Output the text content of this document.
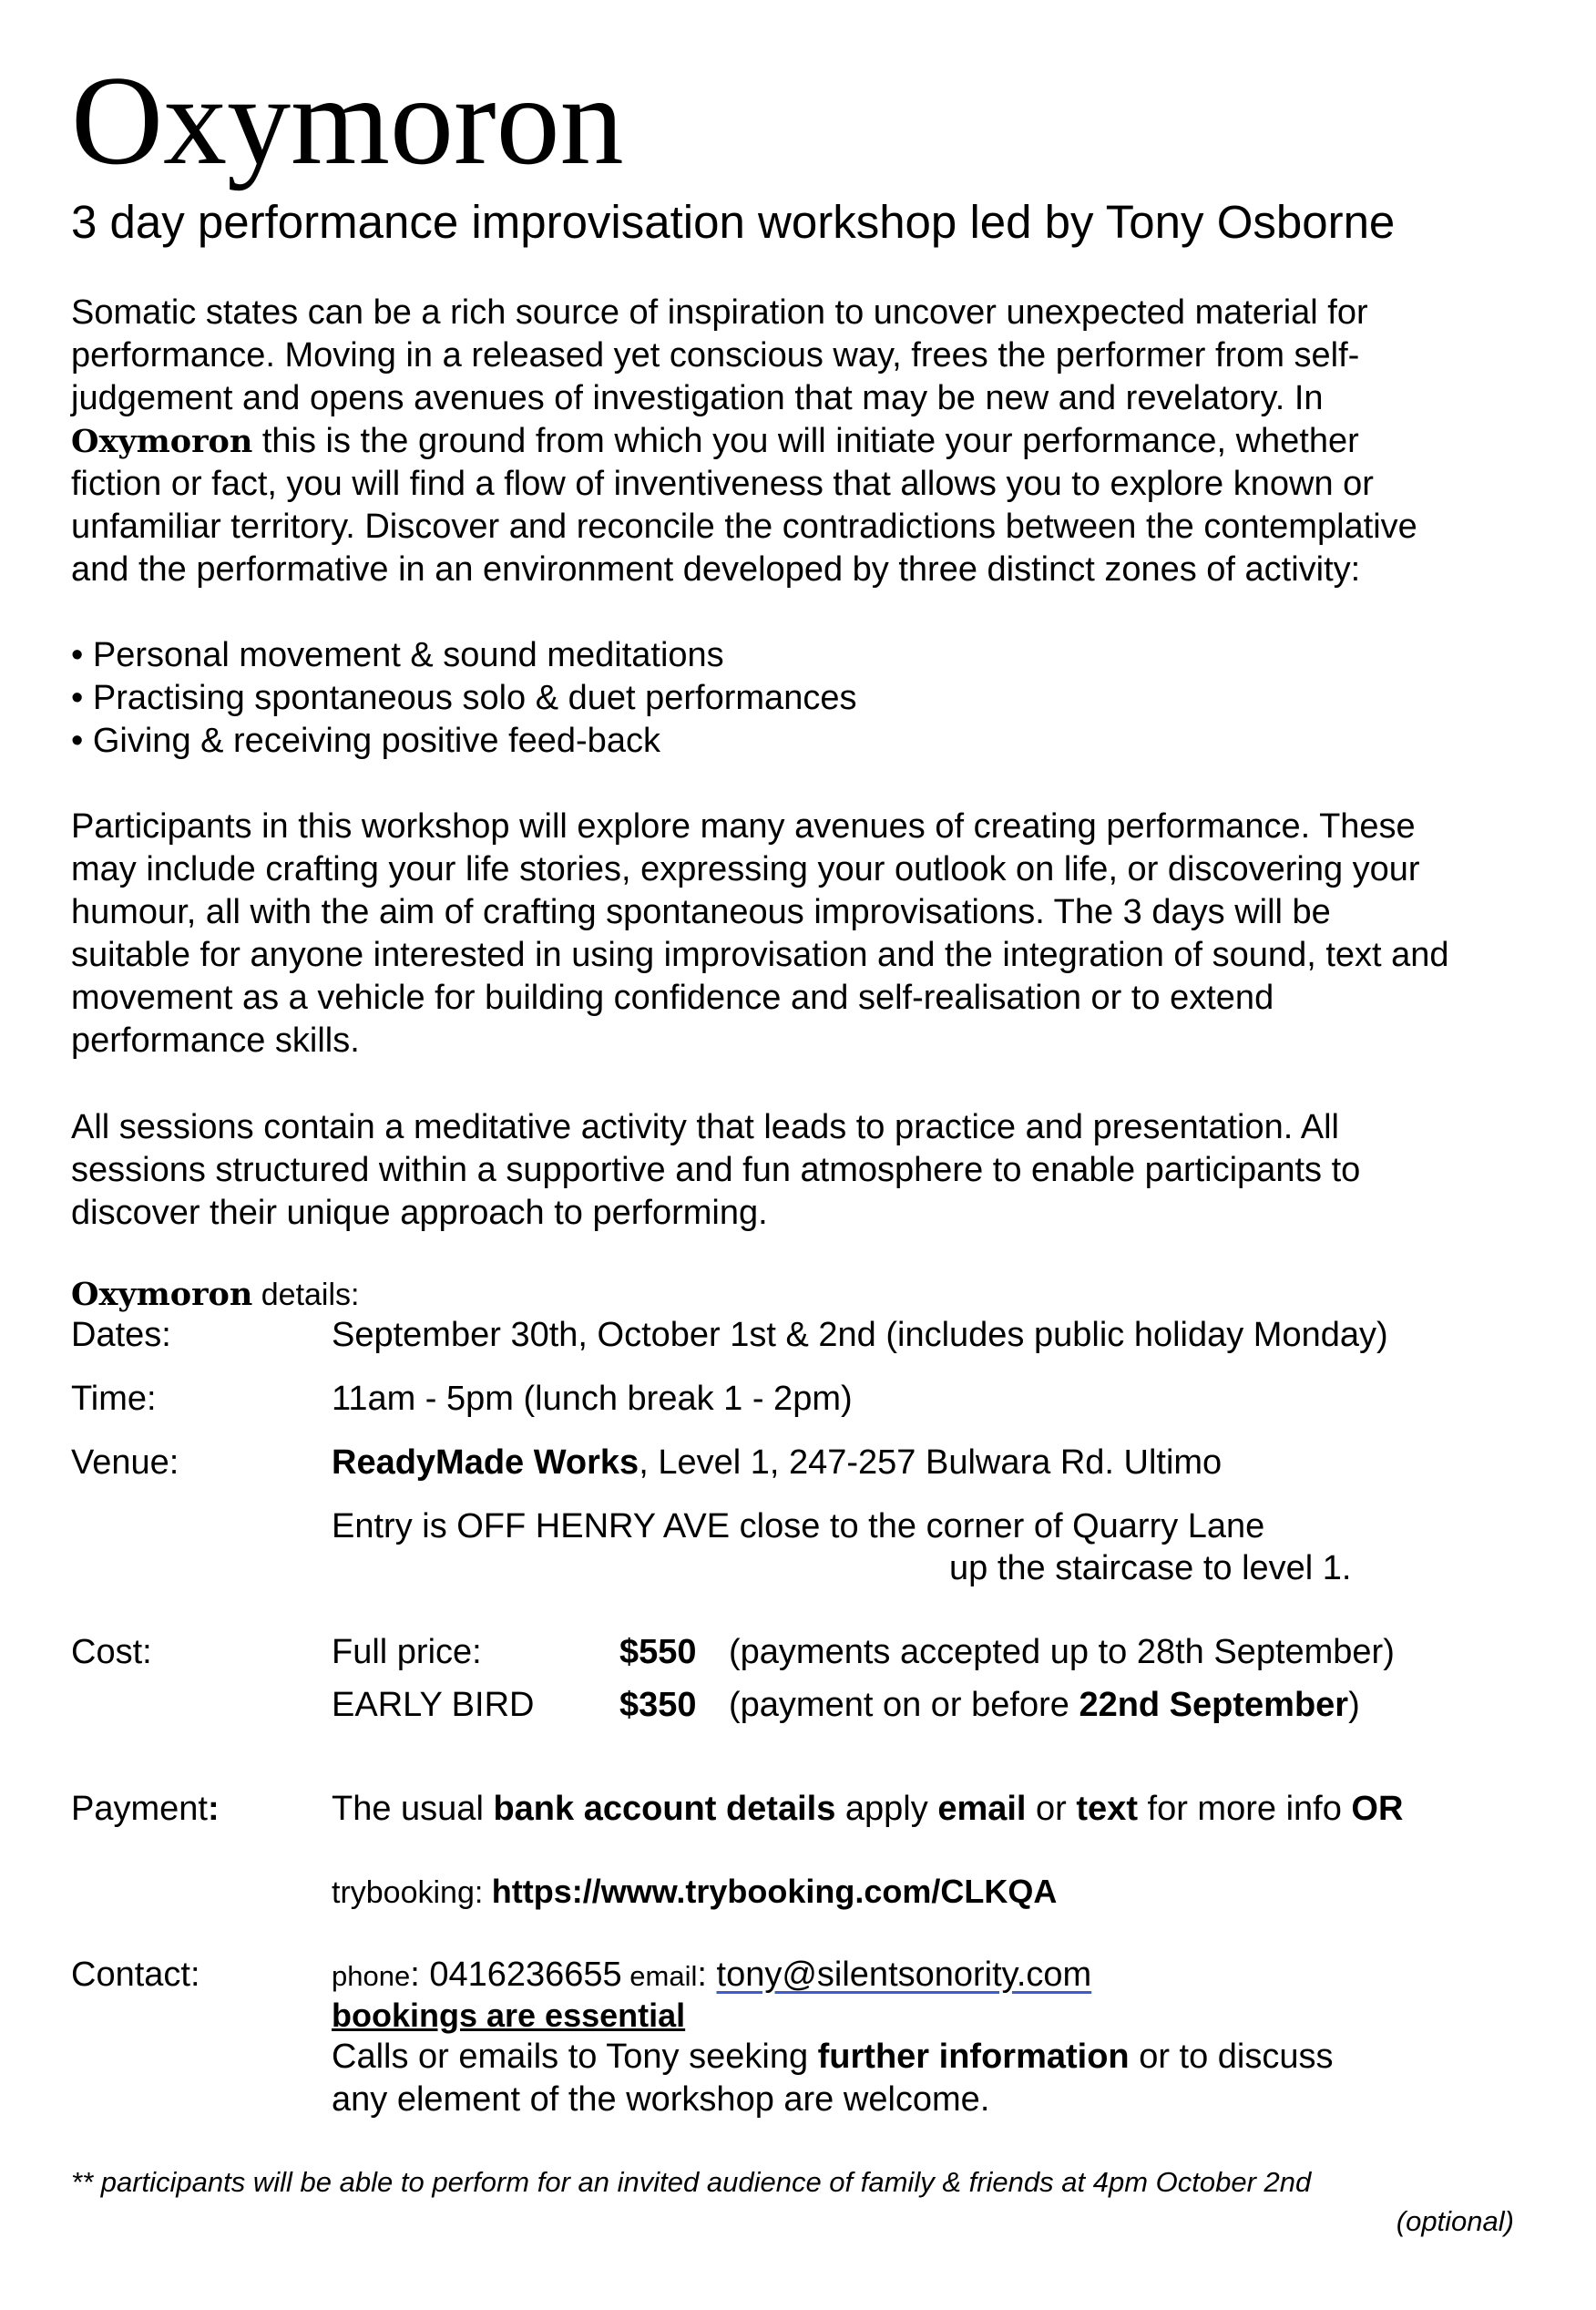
Oxymoron
3 day performance improvisation workshop led by Tony Osborne

Somatic states can be a rich source of inspiration to uncover unexpected material for

performance. Moving in a released yet conscious way, frees the performer from self-

judgement and opens avenues of investigation that may be new and revelatory. In

Oxymoron this is the ground from which you will initiate your performance, whether

fiction or fact, you will find a flow of inventiveness that allows you to explore known or

unfamiliar territory. Discover and reconcile the contradictions between the contemplative

and the performative in an environment developed by three distinct zones of activity:

• Personal movement & sound meditations
• Practising spontaneous solo & duet performances
• Giving & receiving positive feed-back

Participants in this workshop will explore many avenues of creating performance. These

may include crafting your life stories, expressing your outlook on life, or discovering your

humour, all with the aim of crafting spontaneous improvisations. The 3 days will be

suitable for anyone interested in using improvisation and the integration of sound, text and

movement as a vehicle for building confidence and self-realisation or to extend

performance skills.

All sessions contain a meditative activity that leads to practice and presentation. All

sessions structured within a supportive and fun atmosphere to enable participants to

discover their unique approach to performing.

Oxymoron details:
Dates:	September 30th, October 1st & 2nd (includes public holiday Monday)
Time:	11am - 5pm (lunch break 1 - 2pm)
Venue:	ReadyMade Works, Level 1, 247-257 Bulwara Rd. Ultimo
Entry is OFF HENRY AVE close to the corner of Quarry Lane
up the staircase to level 1.
Cost:	Full price:	$550 (payments accepted up to 28th September)
EARLY BIRD $350 (payment on or before 22nd September)
Payment:	The usual bank account details apply email or text for more info OR
trybooking: https://www.trybooking.com/CLKQA
Contact:	phone: 0416236655 email: tony@silentsonority.com
bookings are essential
Calls or emails to Tony seeking further information or to discuss
any element of the workshop are welcome.
** participants will be able to perform for an invited audience of family & friends at 4pm October 2nd
(optional)
